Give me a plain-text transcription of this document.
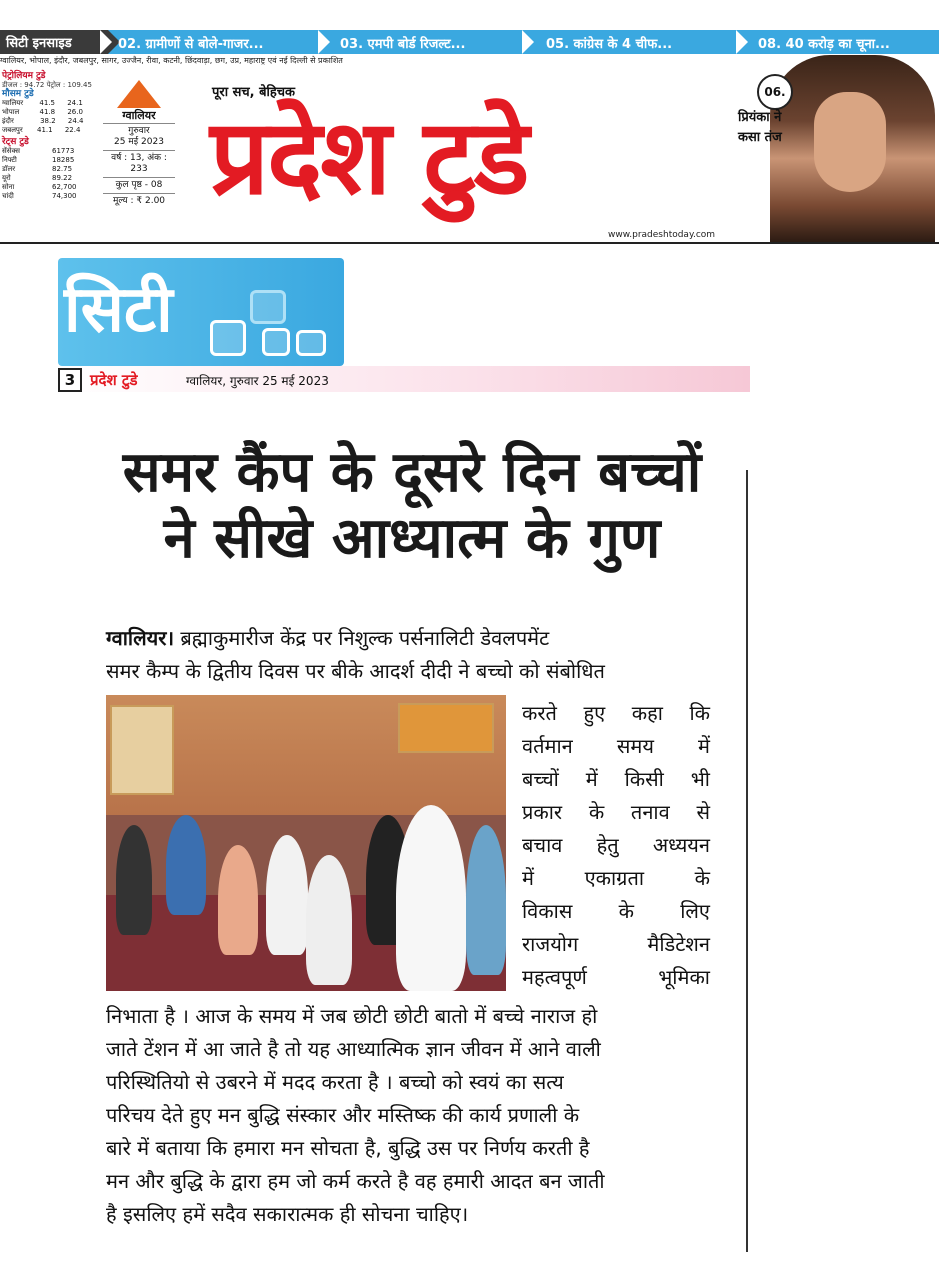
सिटी इनसाइड	02. ग्रामीणों से बोले-गाजर...	03. एमपी बोर्ड रिजल्ट...	05. कांग्रेस के 4 चीफ...	08. 40 करोड़ का चूना...
ग्वालियर, भोपाल, इंदौर, जबलपुर, सागर, उज्जैन, रीवा, कटनी, छिंदवाड़ा, छग, उप्र, महाराष्ट्र एवं नई दिल्ली से प्रकाशित
पेट्रोलियम टुडे
डीजल : 94.72 पेट्रोल : 109.45
मौसम टुडे
ग्वालियर 41.5 24.1
भोपाल	41.8 26.0
इंदौर	38.2 24.4
जबलपुर 41.1 22.4
रेट्स टुडे
सेंसेक्स	61773
निफ्टी	18285
डॉलर	82.75
यूरो	89.22
सोना	62,700
चांदी	74,300
ग्वालियर
गुरुवार
25 मई 2023
वर्ष : 13, अंक : 233
कुल पृष्ठ - 08
मूल्य : ₹ 2.00
पूरा सच, बेहिचक
प्रदेश टुडे
www.pradeshtoday.com
06.
प्रियंका ने कसा तंज
सिटी
3 प्रदेश टुडे	ग्वालियर, गुरुवार 25 मई 2023
समर कैंप के दूसरे दिन बच्चों
ने सीखे आध्यात्म के गुण
ग्वालियर। ब्रह्माकुमारीज केंद्र पर निशुल्क पर्सनालिटी डेवलपमेंट
समर कैम्प के द्वितीय दिवस पर बीके आदर्श दीदी ने बच्चो को संबोधित
करते हुए कहा कि
वर्तमान समय में
बच्चों में किसी भी
प्रकार के तनाव से
बचाव हेतु अध्ययन
में	एकाग्रता	के
विकास के लिए
राजयोग	मैडिटेशन
महत्वपूर्ण	भूमिका
निभाता है । आज के समय में जब छोटी छोटी बातो में बच्चे नाराज हो
जाते टेंशन में आ जाते है तो यह आध्यात्मिक ज्ञान जीवन में आने वाली
परिस्थितियो से उबरने में मदद करता है । बच्चो को स्वयं का सत्य
परिचय देते हुए मन बुद्धि संस्कार और मस्तिष्क की कार्य प्रणाली के
बारे में बताया कि हमारा मन सोचता है, बुद्धि उस पर निर्णय करती है
मन और बुद्धि के द्वारा हम जो कर्म करते है वह हमारी आदत बन जाती
है इसलिए हमें सदैव सकारात्मक ही सोचना चाहिए।
